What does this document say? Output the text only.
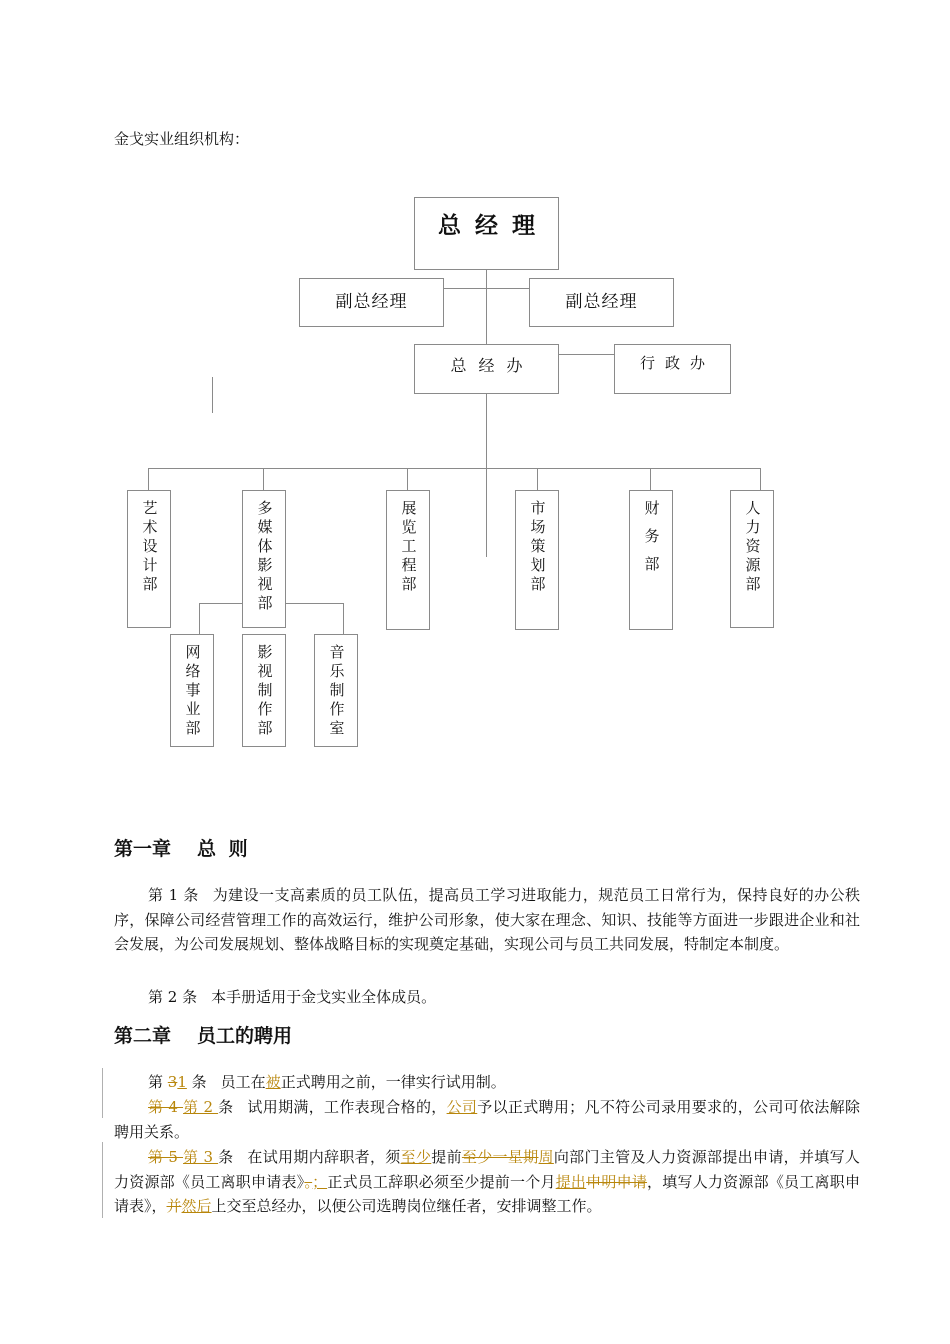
金戈实业组织机构：
总经理
副总经理	副总经理
总经办	行政办
艺术设计部	多媒体影视部	展览工程部	市场策划部	财务部	人力资源部
网络事业部	影视制作部	音乐制作室
第一章 总 则
第 1 条 为建设一支高素质的员工队伍，提高员工学习进取能力，规范员工日常行为，保持良好的办公秩序，保障公司经营管理工作的高效运行，维护公司形象，使大家在理念、知识、技能等方面进一步跟进企业和社会发展，为公司发展规划、整体战略目标的实现奠定基础，实现公司与员工共同发展，特制定本制度。
第 2 条 本手册适用于金戈实业全体成员。
第二章 员工的聘用
第 31 条 员工在被正式聘用之前，一律实行试用制。
第 4 第 2 条 试用期满，工作表现合格的，公司予以正式聘用；凡不符公司录用要求的，公司可依法解除聘用关系。
第 5 第 3 条 在试用期内辞职者，须至少提前至少一星期周向部门主管及人力资源部提出申请，并填写人力资源部《员工离职申请表》。；正式员工辞职必须至少提前一个月提出申明申请，填写人力资源部《员工离职申请表》，并然后上交至总经办，以便公司选聘岗位继任者，安排调整工作。
